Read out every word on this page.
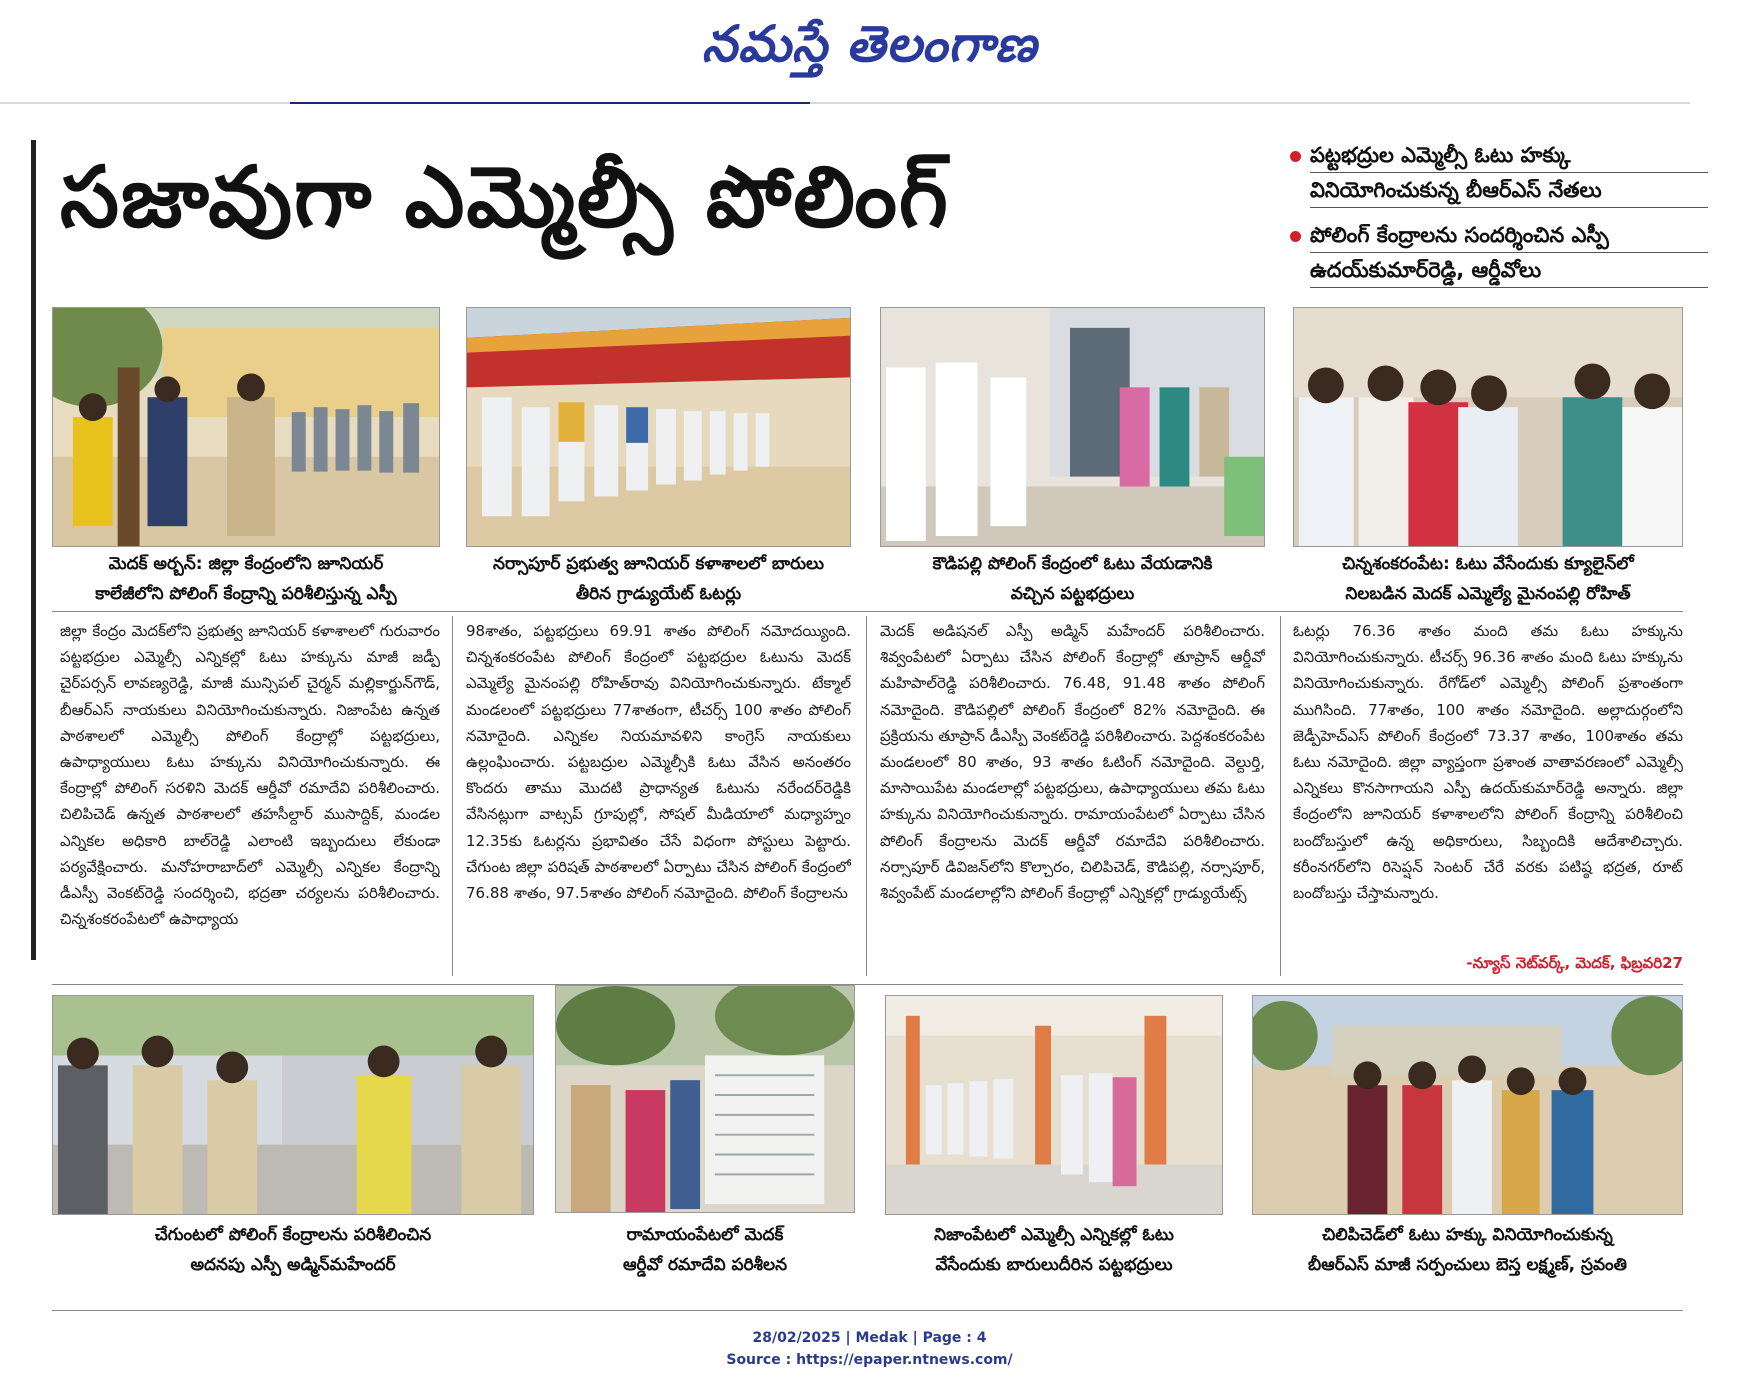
నమస్తే తెలంగాణ
సజావుగా ఎమ్మెల్సీ పోలింగ్	పట్టభద్రుల ఎమ్మెల్సీ ఓటు హక్కు
వినియోగించుకున్న బీఆర్ఎస్ నేతలు
పోలింగ్ కేంద్రాలను సందర్శించిన ఎస్పీ
ఉదయ్‌కుమార్‌రెడ్డి, ఆర్డీవోలు
మెదక్ అర్బన్: జిల్లా కేంద్రంలోని జూనియర్
కాలేజీలోని పోలింగ్ కేంద్రాన్ని పరిశీలిస్తున్న ఎస్పీ
నర్సాపూర్ ప్రభుత్వ జూనియర్ కళాశాలలో బారులు
తీరిన గ్రాడ్యుయేట్ ఓటర్లు
కౌడిపల్లి పోలింగ్ కేంద్రంలో ఓటు వేయడానికి
వచ్చిన పట్టభద్రులు
చిన్నశంకరంపేట: ఓటు వేసేందుకు క్యూలైన్‌లో
నిలబడిన మెదక్ ఎమ్మెల్యే మైనంపల్లి రోహిత్
జిల్లా కేంద్రం మెదక్‌లోని ప్రభుత్వ జూనియర్ కళాశాలలో గురువారం పట్టభద్రుల ఎమ్మెల్సీ ఎన్నికల్లో ఓటు హక్కును మాజీ జడ్పీ చైర్‌పర్సన్ లావణ్యరెడ్డి, మాజీ మున్సిపల్ చైర్మన్ మల్లికార్జున్‌గౌడ్, బీఆర్ఎస్ నాయకులు వినియోగించుకున్నారు. నిజాంపేట ఉన్నత పాఠశాలలో ఎమ్మెల్సీ పోలింగ్ కేంద్రాల్లో పట్టభద్రులు, ఉపాధ్యాయులు ఓటు హక్కును వినియోగించుకున్నారు. ఈ కేంద్రాల్లో పోలింగ్ సరళిని మెదక్ ఆర్డీవో రమాదేవి పరిశీలించారు. చిలిపిచెడ్ ఉన్నత పాఠశాలలో తహసీల్దార్ ముసాద్దిక్, మండల ఎన్నికల అధికారి బాల్‌రెడ్డి ఎలాంటి ఇబ్బందులు లేకుండా పర్యవేక్షించారు. మనోహరాబాద్‌లో ఎమ్మెల్సీ ఎన్నికల కేంద్రాన్ని డీఎస్పీ వెంకట్‌రెడ్డి సందర్శించి, భద్రతా చర్యలను పరిశీలించారు. చిన్నశంకరంపేటలో ఉపాధ్యాయ
98శాతం, పట్టభద్రులు 69.91 శాతం పోలింగ్ నమోదయ్యింది. చిన్నశంకరంపేట పోలింగ్ కేంద్రంలో పట్టభద్రుల ఓటును మెదక్ ఎమ్మెల్యే మైనంపల్లి రోహిత్‌రావు వినియోగించుకున్నారు. టేక్మాల్ మండలంలో పట్టభద్రులు 77శాతంగా, టీచర్స్ 100 శాతం పోలింగ్ నమోదైంది. ఎన్నికల నియమావళిని కాంగ్రెస్ నాయకులు ఉల్లంఘించారు. పట్టబద్రుల ఎమ్మెల్సీకి ఓటు వేసిన అనంతరం కొందరు తాము మొదటి ప్రాధాన్యత ఓటును నరేందర్‌రెడ్డికి వేసినట్లుగా వాట్సప్ గ్రూపుల్లో, సోషల్ మీడియాలో మధ్యాహ్నం 12.35కు ఓటర్లను ప్రభావితం చేసే విధంగా పోస్టులు పెట్టారు. చేగుంట జిల్లా పరిషత్ పాఠశాలలో ఏర్పాటు చేసిన పోలింగ్ కేంద్రంలో 76.88 శాతం, 97.5శాతం పోలింగ్ నమోదైంది. పోలింగ్ కేంద్రాలను
మెదక్ అడిషనల్ ఎస్పీ అడ్మిన్ మహేందర్ పరిశీలించారు. శివ్వంపేటలో ఏర్పాటు చేసిన పోలింగ్ కేంద్రాల్లో తూప్రాన్ ఆర్డీవో మహిపాల్‌రెడ్డి పరిశీలించారు. 76.48, 91.48 శాతం పోలింగ్ నమోదైంది. కౌడిపల్లిలో పోలింగ్ కేంద్రంలో 82% నమోదైంది. ఈ ప్రక్రియను తూప్రాన్ డీఎస్పీ వెంకట్‌రెడ్డి పరిశీలించారు. పెద్దశంకరంపేట మండలంలో 80 శాతం, 93 శాతం ఓటింగ్ నమోదైంది. వెల్దుర్తి, మాసాయిపేట మండలాల్లో పట్టభద్రులు, ఉపాధ్యాయులు తమ ఓటు హక్కును వినియోగించుకున్నారు. రామాయంపేటలో ఏర్పాటు చేసిన పోలింగ్ కేంద్రాలను మెదక్ ఆర్డీవో రమాదేవి పరిశీలించారు. నర్సాపూర్ డివిజన్‌లోని కొల్చారం, చిలిపిచెడ్, కౌడిపల్లి, నర్సాపూర్, శివ్వంపేట్ మండలాల్లోని పోలింగ్ కేంద్రాల్లో ఎన్నికల్లో గ్రాడ్యుయేట్స్
ఓటర్లు 76.36 శాతం మంది తమ ఓటు హక్కును వినియోగించుకున్నారు. టీచర్స్ 96.36 శాతం మంది ఓటు హక్కును వినియోగించుకున్నారు. రేగోడ్‌లో ఎమ్మెల్సీ పోలింగ్ ప్రశాంతంగా ముగిసింది. 77శాతం, 100 శాతం నమోదైంది. అల్లాదుర్గంలోని జెడ్పీహెచ్ఎస్ పోలింగ్ కేంద్రంలో 73.37 శాతం, 100శాతం తమ ఓటు నమోదైంది. జిల్లా వ్యాప్తంగా ప్రశాంత వాతావరణంలో ఎమ్మెల్సీ ఎన్నికలు కొనసాగాయని ఎస్పీ ఉదయ్‌కుమార్‌రెడ్డి అన్నారు. జిల్లా కేంద్రంలోని జూనియర్ కళాశాలలోని పోలింగ్ కేంద్రాన్ని పరిశీలించి బందోబస్తులో ఉన్న అధికారులు, సిబ్బందికి ఆదేశాలిచ్చారు. కరీంనగర్‌లోని రిసెప్షన్ సెంటర్ చేరే వరకు పటిష్ఠ భద్రత, రూట్ బందోబస్తు చేస్తామన్నారు.
-న్యూస్ నెట్‌వర్క్, మెదక్, ఫిబ్రవరి27
చేగుంటలో పోలింగ్ కేంద్రాలను పరిశీలించిన
అదనపు ఎస్పీ అడ్మిన్‌మహేందర్
రామాయంపేటలో మెదక్
ఆర్డీవో రమాదేవి పరిశీలన
నిజాంపేటలో ఎమ్మెల్సీ ఎన్నికల్లో ఓటు
వేసేందుకు బారులుదీరిన పట్టభద్రులు
చిలిపిచెడ్‌లో ఓటు హక్కు వినియోగించుకున్న
బీఆర్ఎస్ మాజీ సర్పంచులు బెస్త లక్ష్మణ్, స్రవంతి
28/02/2025 | Medak | Page : 4
Source : https://epaper.ntnews.com/
